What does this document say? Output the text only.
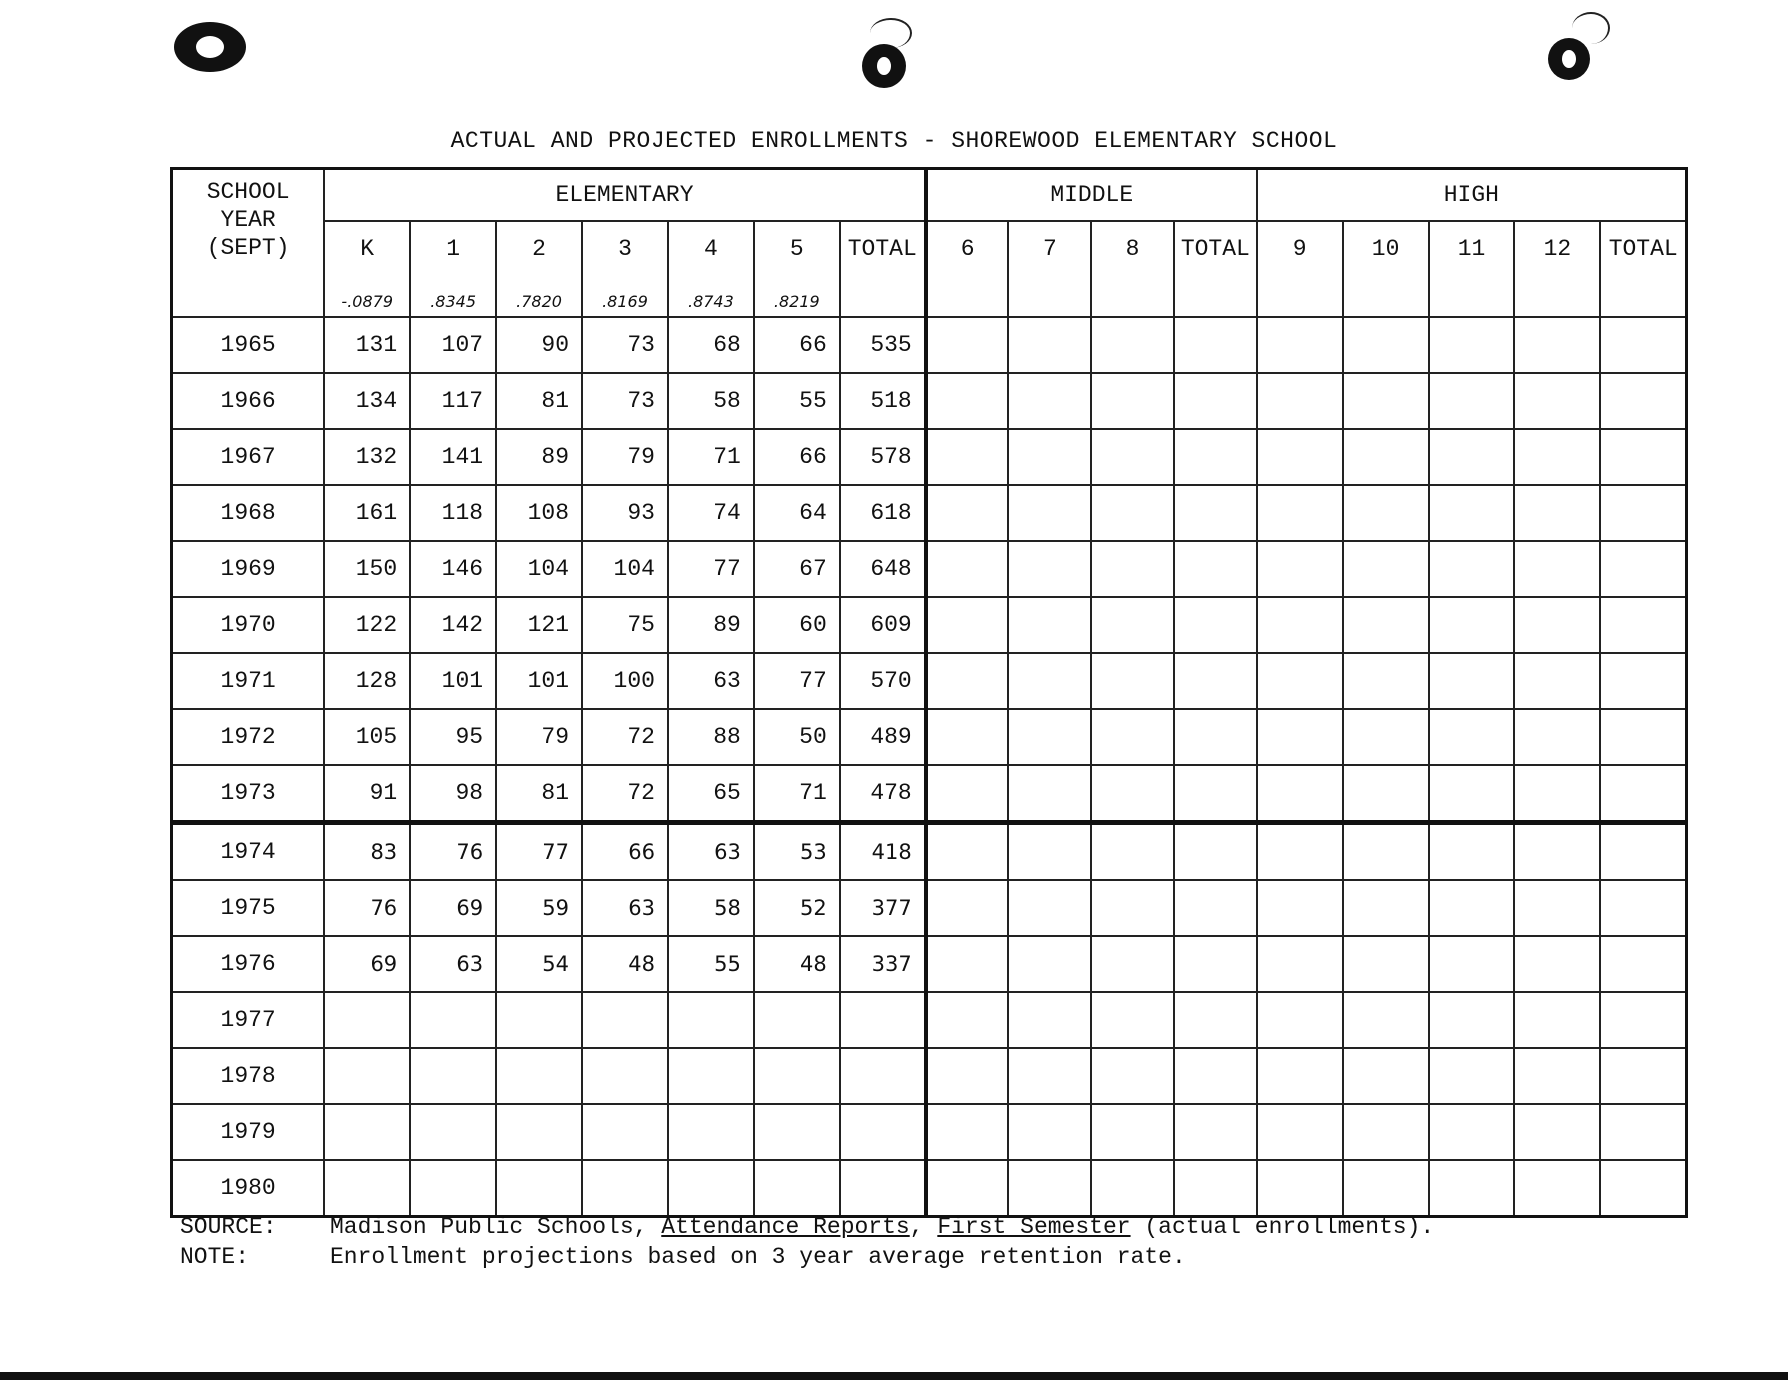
ACTUAL AND PROJECTED ENROLLMENTS - SHOREWOOD ELEMENTARY SCHOOL
SCHOOL
YEAR
(SEPT)	ELEMENTARY							MIDDLE				HIGH				
	K	1	2	3	4	5	TOTAL	6	7	8	TOTAL	9	10	11	12	TOTAL
	-.0879	.8345	.7820	.8169	.8743	.8219										
1965	131	107	90	73	68	66	535									
1966	134	117	81	73	58	55	518									
1967	132	141	89	79	71	66	578									
1968	161	118	108	93	74	64	618									
1969	150	146	104	104	77	67	648									
1970	122	142	121	75	89	60	609									
1971	128	101	101	100	63	77	570									
1972	105	95	79	72	88	50	489									
1973	91	98	81	72	65	71	478									
1974	83	76	77	66	63	53	418									
1975	76	69	59	63	58	52	377									
1976	69	63	54	48	55	48	337									
1977																
1978																
1979																
1980																
SOURCE:	Madison Public Schools, Attendance Reports, First Semester (actual enrollments).
NOTE:	Enrollment projections based on 3 year average retention rate.
